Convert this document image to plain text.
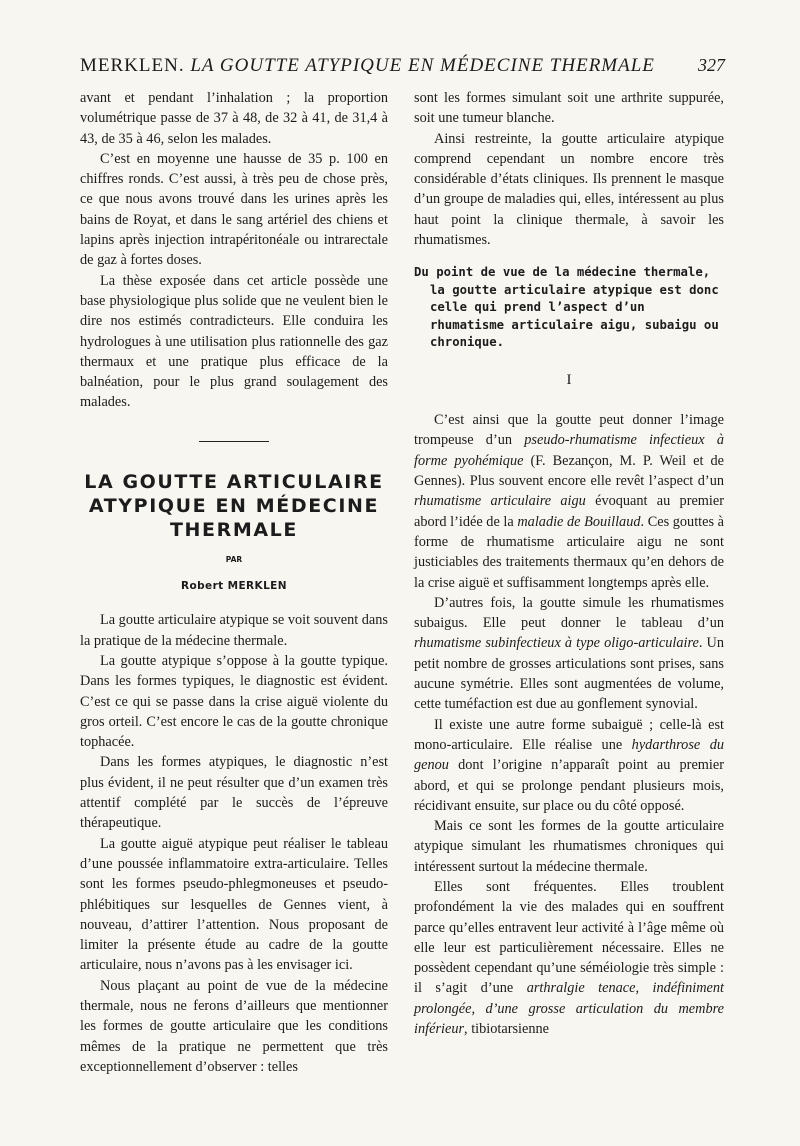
MERKLEN. LA GOUTTE ATYPIQUE EN MÉDECINE THERMALE 327

avant et pendant l’inhalation ; la proportion volumétrique passe de 37 à 48, de 32 à 41, de 31,4 à 43, de 35 à 46, selon les malades.

C’est en moyenne une hausse de 35 p. 100 en chiffres ronds. C’est aussi, à très peu de chose près, ce que nous avons trouvé dans les urines après les bains de Royat, et dans le sang artériel des chiens et lapins après injection intrapéritonéale ou intrarectale de gaz à fortes doses.

La thèse exposée dans cet article possède une base physiologique plus solide que ne veulent bien le dire nos estimés contradicteurs. Elle conduira les hydrologues à une utilisation plus rationnelle des gaz thermaux et une pratique plus efficace de la balnéation, pour le plus grand soulagement des malades.

LA GOUTTE ARTICULAIRE
ATYPIQUE EN MÉDECINE
THERMALE
PAR
Robert MERKLEN

La goutte articulaire atypique se voit souvent dans la pratique de la médecine thermale.

La goutte atypique s’oppose à la goutte typique. Dans les formes typiques, le diagnostic est évident. C’est ce qui se passe dans la crise aiguë violente du gros orteil. C’est encore le cas de la goutte chronique tophacée.

Dans les formes atypiques, le diagnostic n’est plus évident, il ne peut résulter que d’un examen très attentif complété par le succès de l’épreuve thérapeutique.

La goutte aiguë atypique peut réaliser le tableau d’une poussée inflammatoire extra-articulaire. Telles sont les formes pseudo-phlegmoneuses et pseudo-phlébitiques sur lesquelles de Gennes vient, à nouveau, d’attirer l’attention. Nous proposant de limiter la présente étude au cadre de la goutte articulaire, nous n’avons pas à les envisager ici.

Nous plaçant au point de vue de la médecine thermale, nous ne ferons d’ailleurs que mentionner les formes de goutte articulaire que les conditions mêmes de la pratique ne permettent que très exceptionnellement d’observer : telles

sont les formes simulant soit une arthrite suppurée, soit une tumeur blanche.

Ainsi restreinte, la goutte articulaire atypique comprend cependant un nombre encore très considérable d’états cliniques. Ils prennent le masque d’un groupe de maladies qui, elles, intéressent au plus haut point la clinique thermale, à savoir les rhumatismes.

Du point de vue de la médecine thermale,
la goutte articulaire atypique est donc celle qui prend l’aspect d’un rhumatisme articulaire aigu, subaigu ou chronique.
I

C’est ainsi que la goutte peut donner l’image trompeuse d’un pseudo-rhumatisme infectieux à forme pyohémique (F. Bezançon, M. P. Weil et de Gennes). Plus souvent encore elle revêt l’aspect d’un rhumatisme articulaire aigu évoquant au premier abord l’idée de la maladie de Bouillaud. Ces gouttes à forme de rhumatisme articulaire aigu ne sont justiciables des traitements thermaux qu’en dehors de la crise aiguë et suffisamment longtemps après elle.

D’autres fois, la goutte simule les rhumatismes subaigus. Elle peut donner le tableau d’un rhumatisme subinfectieux à type oligo-articulaire. Un petit nombre de grosses articulations sont prises, sans aucune symétrie. Elles sont augmentées de volume, cette tuméfaction est due au gonflement synovial.

Il existe une autre forme subaiguë ; celle-là est mono-articulaire. Elle réalise une hydarthrose du genou dont l’origine n’apparaît point au premier abord, et qui se prolonge pendant plusieurs mois, récidivant ensuite, sur place ou du côté opposé.

Mais ce sont les formes de la goutte articulaire atypique simulant les rhumatismes chroniques qui intéressent surtout la médecine thermale.

Elles sont fréquentes. Elles troublent profondément la vie des malades qui en souffrent parce qu’elles entravent leur activité à l’âge même où elle leur est particulièrement nécessaire. Elles ne possèdent cependant qu’une séméiologie très simple : il s’agit d’une arthralgie tenace, indéfiniment prolongée, d’une grosse articulation du membre inférieur, tibiotarsienne
